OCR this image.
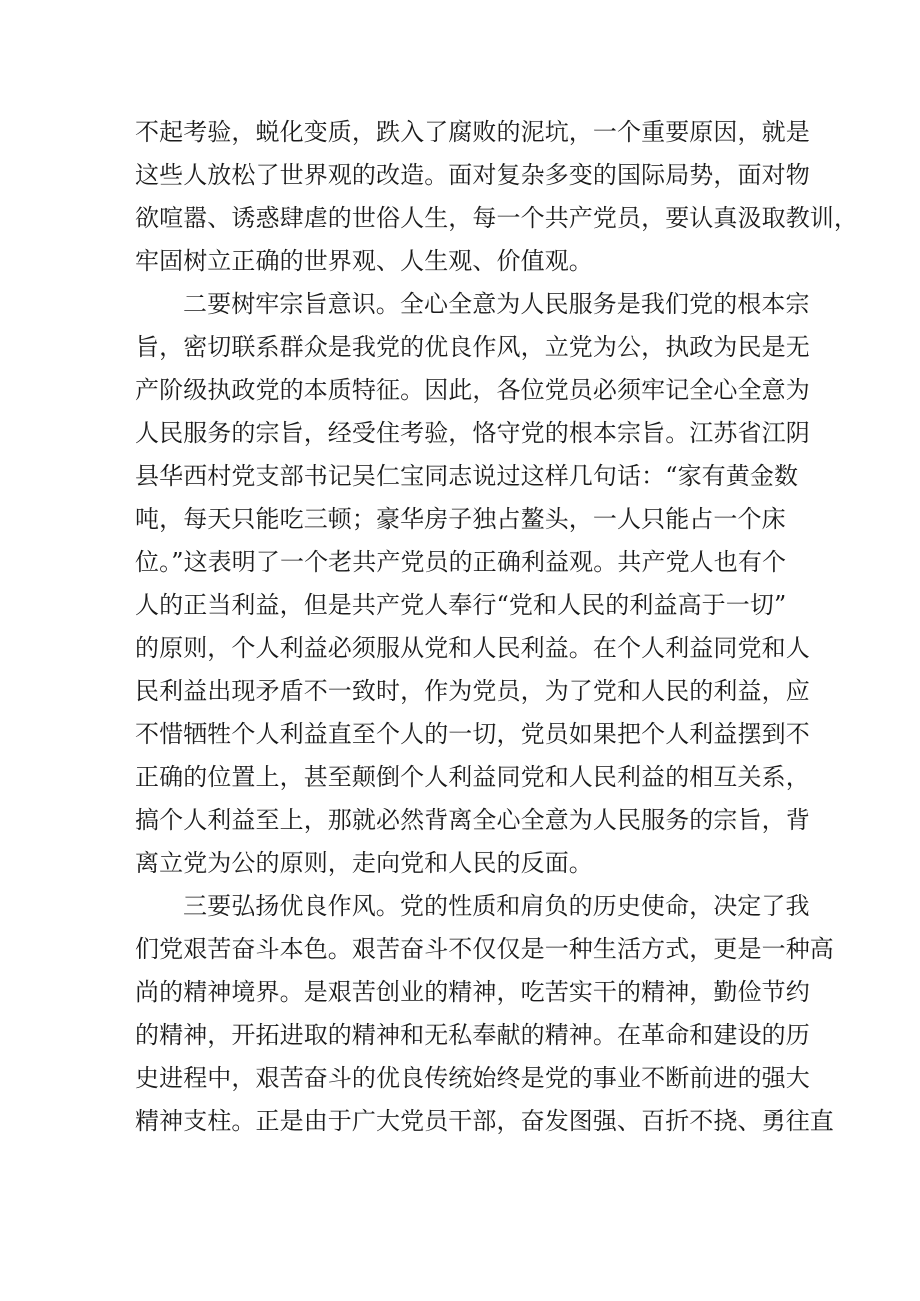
不起考验，蜕化变质，跌入了腐败的泥坑，一个重要原因，就是
这些人放松了世界观的改造。面对复杂多变的国际局势，面对物
欲喧嚣、诱惑肆虐的世俗人生，每一个共产党员，要认真汲取教训，
牢固树立正确的世界观、人生观、价值观。
二要树牢宗旨意识。全心全意为人民服务是我们党的根本宗
旨，密切联系群众是我党的优良作风，立党为公，执政为民是无
产阶级执政党的本质特征。因此，各位党员必须牢记全心全意为
人民服务的宗旨，经受住考验，恪守党的根本宗旨。江苏省江阴
县华西村党支部书记吴仁宝同志说过这样几句话：“家有黄金数
吨，每天只能吃三顿；豪华房子独占鳌头，一人只能占一个床
位。”这表明了一个老共产党员的正确利益观。共产党人也有个
人的正当利益，但是共产党人奉行“党和人民的利益高于一切”
的原则，个人利益必须服从党和人民利益。在个人利益同党和人
民利益出现矛盾不一致时，作为党员，为了党和人民的利益，应
不惜牺牲个人利益直至个人的一切，党员如果把个人利益摆到不
正确的位置上，甚至颠倒个人利益同党和人民利益的相互关系，
搞个人利益至上，那就必然背离全心全意为人民服务的宗旨，背
离立党为公的原则，走向党和人民的反面。
三要弘扬优良作风。党的性质和肩负的历史使命，决定了我
们党艰苦奋斗本色。艰苦奋斗不仅仅是一种生活方式，更是一种高
尚的精神境界。是艰苦创业的精神，吃苦实干的精神，勤俭节约
的精神，开拓进取的精神和无私奉献的精神。在革命和建设的历
史进程中，艰苦奋斗的优良传统始终是党的事业不断前进的强大
精神支柱。正是由于广大党员干部，奋发图强、百折不挠、勇往直
